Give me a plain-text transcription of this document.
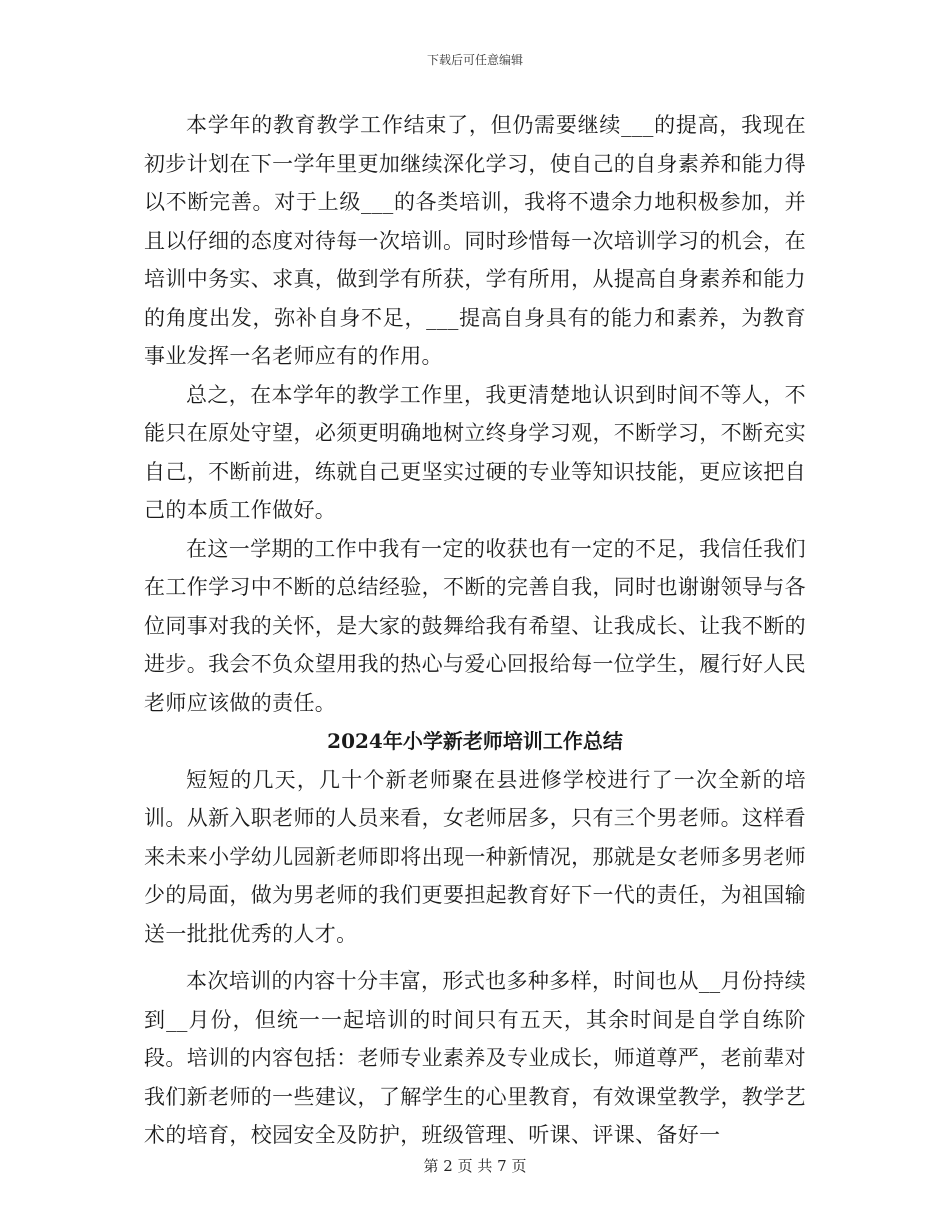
下载后可任意编辑

本学年的教育教学工作结束了，但仍需要继续___的提高，我现在初步计划在下一学年里更加继续深化学习，使自己的自身素养和能力得以不断完善。对于上级___的各类培训，我将不遗余力地积极参加，并且以仔细的态度对待每一次培训。同时珍惜每一次培训学习的机会，在培训中务实、求真，做到学有所获，学有所用，从提高自身素养和能力的角度出发，弥补自身不足，___提高自身具有的能力和素养，为教育事业发挥一名老师应有的作用。

总之，在本学年的教学工作里，我更清楚地认识到时间不等人，不能只在原处守望，必须更明确地树立终身学习观，不断学习，不断充实自己，不断前进，练就自己更坚实过硬的专业等知识技能，更应该把自己的本质工作做好。

在这一学期的工作中我有一定的收获也有一定的不足，我信任我们在工作学习中不断的总结经验，不断的完善自我，同时也谢谢领导与各位同事对我的关怀，是大家的鼓舞给我有希望、让我成长、让我不断的进步。我会不负众望用我的热心与爱心回报给每一位学生，履行好人民老师应该做的责任。

2024年小学新老师培训工作总结

短短的几天，几十个新老师聚在县进修学校进行了一次全新的培训。从新入职老师的人员来看，女老师居多，只有三个男老师。这样看来未来小学幼儿园新老师即将出现一种新情况，那就是女老师多男老师少的局面，做为男老师的我们更要担起教育好下一代的责任，为祖国输送一批批优秀的人才。

本次培训的内容十分丰富，形式也多种多样，时间也从__月份持续到__月份，但统一一起培训的时间只有五天，其余时间是自学自练阶段。培训的内容包括：老师专业素养及专业成长，师道尊严，老前辈对我们新老师的一些建议，了解学生的心里教育，有效课堂教学，教学艺术的培育，校园安全及防护，班级管理、听课、评课、备好一

第 2 页 共 7 页
